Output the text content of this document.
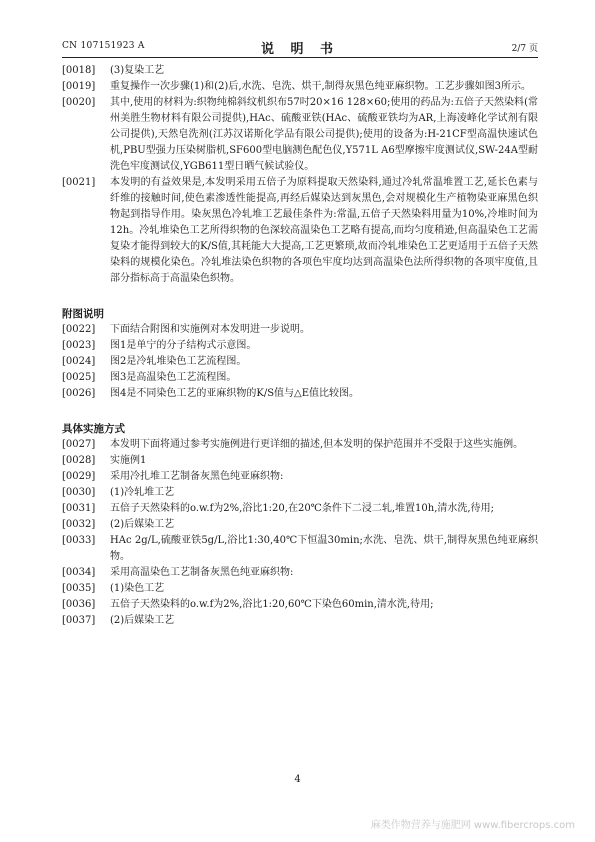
CN 107151923 A	说 明 书	2/7 页
[0018]	(3)复染工艺
[0019]	重复操作一次步骤(1)和(2)后,水洗、皂洗、烘干,制得灰黑色纯亚麻织物。工艺步骤如图3所示。
[0020]	其中,使用的材料为:织物纯棉斜纹机织布57吋20×16 128×60;使用的药品为:五倍子天然染料(常州美胜生物材料有限公司提供),HAc、硫酸亚铁(HAc、硫酸亚铁均为AR,上海凌峰化学试剂有限公司提供),天然皂洗剂(江苏汉诺斯化学品有限公司提供);使用的设备为:H-21CF型高温快速试色机,PBU型强力压染树脂机,SF600型电脑测色配色仪,Y571L A6型摩擦牢度测试仪,SW-24A型耐洗色牢度测试仪,YGB611型日晒气候试验仪。
[0021]	本发明的有益效果是,本发明采用五倍子为原料提取天然染料,通过冷轧常温堆置工艺,延长色素与纤维的接触时间,使色素渗透性能提高,再经后媒染达到灰黑色,会对规模化生产植物染亚麻黑色织物起到指导作用。染灰黑色冷轧堆工艺最佳条件为:常温,五倍子天然染料用量为10%,冷堆时间为12h。冷轧堆染色工艺所得织物的色深较高温染色工艺略有提高,而均匀度稍逊,但高温染色工艺需复染才能得到较大的K/S值,其耗能大大提高,工艺更繁琐,故而冷轧堆染色工艺更适用于五倍子天然染料的规模化染色。冷轧堆法染色织物的各项色牢度均达到高温染色法所得织物的各项牢度值,且部分指标高于高温染色织物。
附图说明
[0022]	下面结合附图和实施例对本发明进一步说明。
[0023]	图1是单宁的分子结构式示意图。
[0024]	图2是冷轧堆染色工艺流程图。
[0025]	图3是高温染色工艺流程图。
[0026]	图4是不同染色工艺的亚麻织物的K/S值与△E值比较图。
具体实施方式
[0027]	本发明下面将通过参考实施例进行更详细的描述,但本发明的保护范围并不受限于这些实施例。
[0028]	实施例1
[0029]	采用冷扎堆工艺制备灰黑色纯亚麻织物:
[0030]	(1)冷轧堆工艺
[0031]	五倍子天然染料的o.w.f为2%,浴比1:20,在20℃条件下二浸二轧,堆置10h,清水洗,待用;
[0032]	(2)后媒染工艺
[0033]	HAc 2g/L,硫酸亚铁5g/L,浴比1:30,40℃下恒温30min;水洗、皂洗、烘干,制得灰黑色纯亚麻织物。
[0034]	采用高温染色工艺制备灰黑色纯亚麻织物:
[0035]	(1)染色工艺
[0036]	五倍子天然染料的o.w.f为2%,浴比1:20,60℃下染色60min,清水洗,待用;
[0037]	(2)后媒染工艺
4
麻类作物营养与施肥网 www.fibercrops.com
